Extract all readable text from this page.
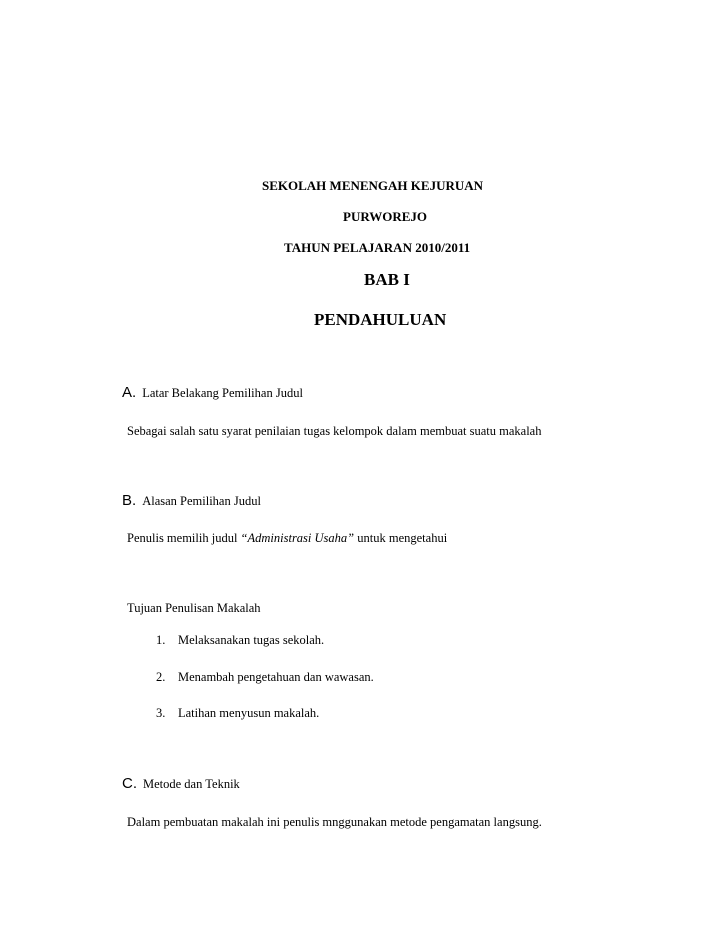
SEKOLAH MENENGAH KEJURUAN
PURWOREJO
TAHUN PELAJARAN 2010/2011
BAB I
PENDAHULUAN
A. Latar Belakang Pemilihan Judul
Sebagai salah satu syarat penilaian tugas kelompok dalam membuat suatu makalah
B. Alasan Pemilihan Judul
Penulis memilih judul “Administrasi Usaha” untuk mengetahui
Tujuan Penulisan Makalah
1. Melaksanakan tugas sekolah.
2. Menambah pengetahuan dan wawasan.
3. Latihan menyusun makalah.
C. Metode dan Teknik
Dalam pembuatan makalah ini penulis mnggunakan metode pengamatan langsung.
